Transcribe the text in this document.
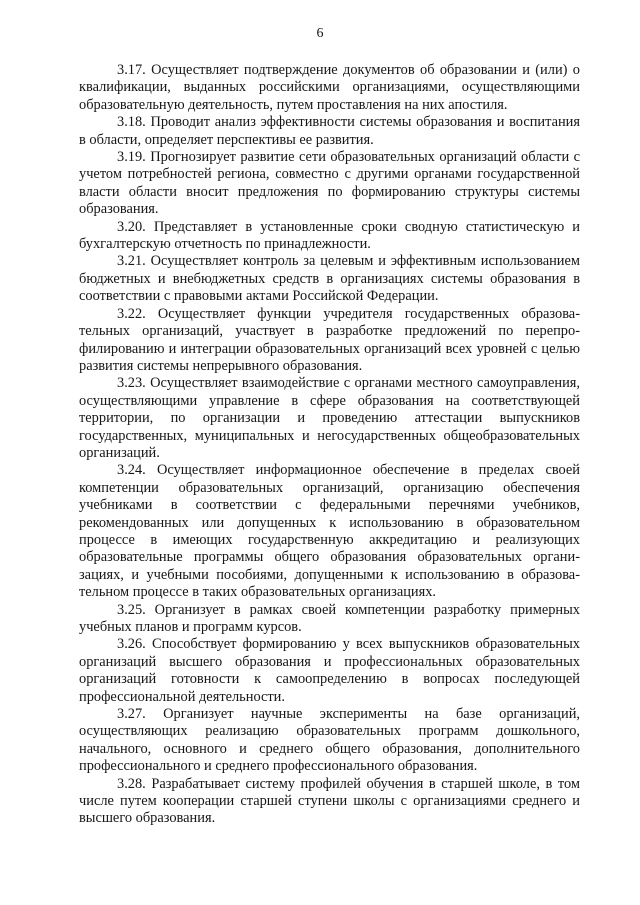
6

3.17. Осуществляет подтверждение документов об образовании и (или) о квалификации, выданных российскими организациями, осуществляющими образовательную деятельность, путем проставления на них апостиля.

3.18. Проводит анализ эффективности системы образования и воспитания в области, определяет перспективы ее развития.

3.19. Прогнозирует развитие сети образовательных организаций области с учетом потребностей региона, совместно с другими органами государственной власти области вносит предложения по формированию структуры системы образования.

3.20. Представляет в установленные сроки сводную статистическую и бухгалтерскую отчетность по принадлежности.

3.21. Осуществляет контроль за целевым и эффективным использованием бюджетных и внебюджетных средств в организациях системы образования в соответствии с правовыми актами Российской Федерации.

3.22. Осуществляет функции учредителя государственных образовательных организаций, участвует в разработке предложений по перепрофилированию и интеграции образовательных организаций всех уровней с целью развития системы непрерывного образования.

3.23. Осуществляет взаимодействие с органами местного самоуправления, осуществляющими управление в сфере образования на соответствующей территории, по организации и проведению аттестации выпускников государственных, муниципальных и негосударственных общеобразовательных организаций.

3.24. Осуществляет информационное обеспечение в пределах своей компетенции образовательных организаций, организацию обеспечения учебниками в соответствии с федеральными перечнями учебников, рекомендованных или допущенных к использованию в образовательном процессе в имеющих государственную аккредитацию и реализующих образовательные программы общего образования образовательных организациях, и учебными пособиями, допущенными к использованию в образовательном процессе в таких образовательных организациях.

3.25. Организует в рамках своей компетенции разработку примерных учебных планов и программ курсов.

3.26. Способствует формированию у всех выпускников образовательных организаций высшего образования и профессиональных образовательных организаций готовности к самоопределению в вопросах последующей профессиональной деятельности.

3.27. Организует научные эксперименты на базе организаций, осуществляющих реализацию образовательных программ дошкольного, начального, основного и среднего общего образования, дополнительного профессионального и среднего профессионального образования.

3.28. Разрабатывает систему профилей обучения в старшей школе, в том числе путем кооперации старшей ступени школы с организациями среднего и высшего образования.
